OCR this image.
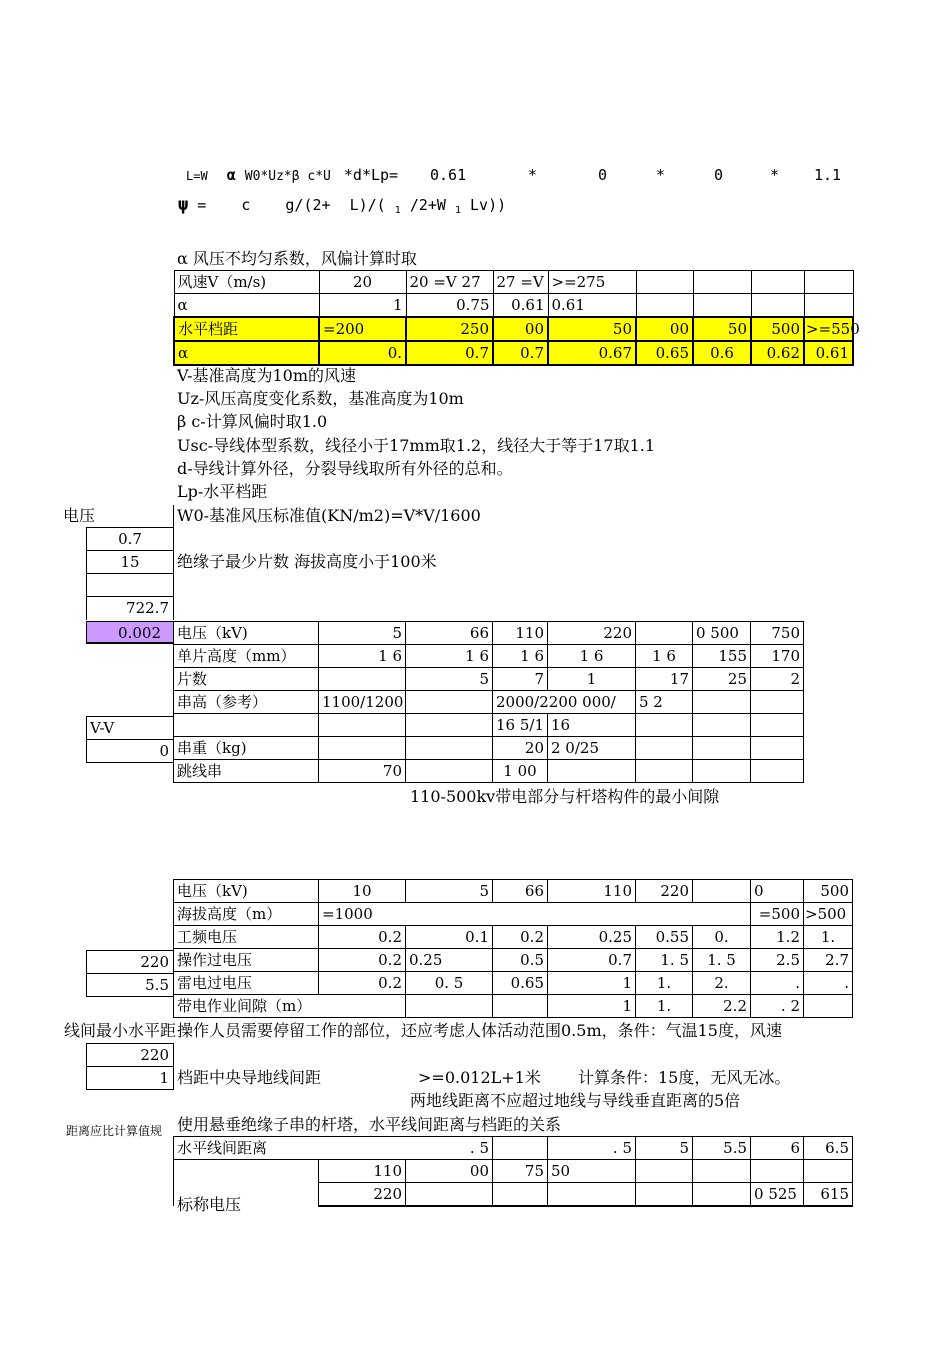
L=W α W0*Uz*β c*U *d*Lp= 0.61	*	0	*	0	* 1.1
ψ = c g/(2+ L)/( $_1$ /2+W $_1$ Lv))
α 风压不均匀系数，风偏计算时取
风速V（m/s)	20	20 =V 27	27 =V	>=275				
α	1	0.75	0.61	0.61				
水平档距	=200	250	00	50	00	50	500	>=550
α	0.	0.7	0.7	0.67	0.65	0.6	0.62	0.61
V-基准高度为10m的风速
Uz-风压高度变化系数，基准高度为10m
β c-计算风偏时取1.0
Usc-导线体型系数，线径小于17mm取1.2，线径大于等于17取1.1
d-导线计算外径，分裂导线取所有外径的总和。
Lp-水平档距
W0-基准风压标准值(KN/m2)=V*V/1600
电压
0.7
15	绝缘子最少片数 海拔高度小于100米
722.7
0.002	电压（kV)	5	66	110	220		0 500	750
单片高度（mm）	1 6	1 6	1 6	1 6	1 6	155	170
片数		5	7	1	17	25	2
串高（参考）	1100/1200		2000/2200 000/		5 2		
			16 5/1	16			
串重（kg)			20	2 0/25			
跳线串	70		1 00				
V-V
0
110-500kv带电部分与杆塔构件的最小间隙
电压（kV)	10	5	66	110	220		0	500
海拔高度（m）	=1000						=500	>500
工频电压	0.2	0.1	0.2	0.25	0.55	0.	1.2	1.
操作过电压	0.2	0.25	0.5	0.7	1. 5	1. 5	2.5	2.7
雷电过电压	0.2	0. 5	0.65	1	1.	2.	.	.
带电作业间隙（m）				1	1.	2.2	. 2	
220
5.5
线间最小水平距 操作人员需要停留工作的部位，还应考虑人体活动范围0.5m，条件：气温15度，风速
220
1 档距中央导地线间距	>=0.012L+1米 计算条件：15度，无风无冰。
两地线距离不应超过地线与导线垂直距离的5倍
距离应比计算值规 使用悬垂绝缘子串的杆塔，水平线间距离与档距的关系
水平线间距离		. 5		. 5	5	5.5	6	6.5
	110	00	75	50				
	220						0 525	615
标称电压
